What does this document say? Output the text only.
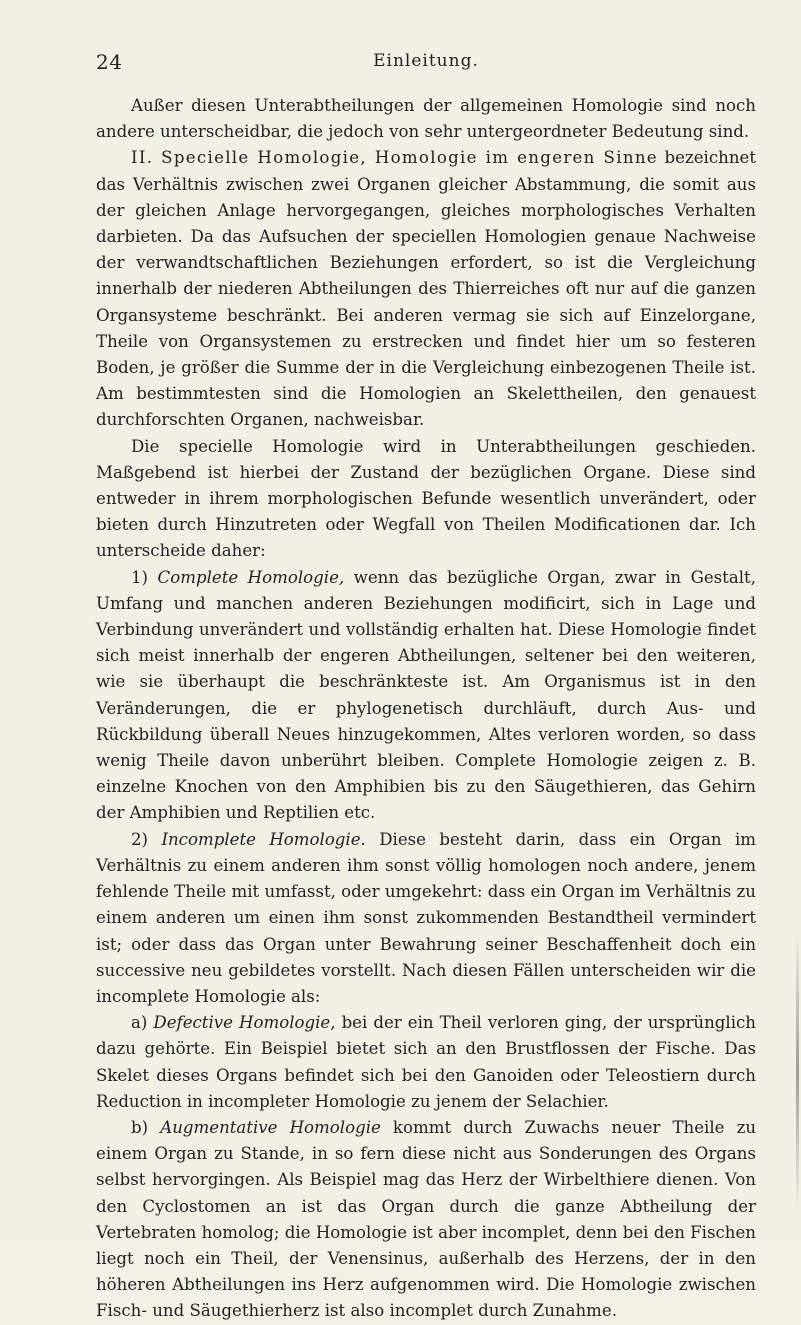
24	Einleitung.

Außer diesen Unterabtheilungen der allgemeinen Homologie sind noch andere unterscheidbar, die jedoch von sehr untergeordneter Bedeutung sind.

II. Specielle Homologie, Homologie im engeren Sinne bezeichnet das Verhältnis zwischen zwei Organen gleicher Abstammung, die somit aus der gleichen Anlage hervorgegangen, gleiches morphologisches Verhalten darbieten. Da das Aufsuchen der speciellen Homologien genaue Nachweise der verwandtschaftlichen Beziehungen erfordert, so ist die Vergleichung innerhalb der niederen Abtheilungen des Thierreiches oft nur auf die ganzen Organsysteme beschränkt. Bei anderen vermag sie sich auf Einzelorgane, Theile von Organsystemen zu erstrecken und findet hier um so festeren Boden, je größer die Summe der in die Vergleichung einbezogenen Theile ist. Am bestimmtesten sind die Homologien an Skelettheilen, den genauest durchforschten Organen, nachweisbar.

Die specielle Homologie wird in Unterabtheilungen geschieden. Maßgebend ist hierbei der Zustand der bezüglichen Organe. Diese sind entweder in ihrem morphologischen Befunde wesentlich unverändert, oder bieten durch Hinzutreten oder Wegfall von Theilen Modificationen dar. Ich unterscheide daher:

1) Complete Homologie, wenn das bezügliche Organ, zwar in Gestalt, Umfang und manchen anderen Beziehungen modificirt, sich in Lage und Verbindung unverändert und vollständig erhalten hat. Diese Homologie findet sich meist innerhalb der engeren Abtheilungen, seltener bei den weiteren, wie sie überhaupt die beschränkteste ist. Am Organismus ist in den Veränderungen, die er phylogenetisch durchläuft, durch Aus- und Rückbildung überall Neues hinzugekommen, Altes verloren worden, so dass wenig Theile davon unberührt bleiben. Complete Homologie zeigen z. B. einzelne Knochen von den Amphibien bis zu den Säugethieren, das Gehirn der Amphibien und Reptilien etc.

2) Incomplete Homologie. Diese besteht darin, dass ein Organ im Verhältnis zu einem anderen ihm sonst völlig homologen noch andere, jenem fehlende Theile mit umfasst, oder umgekehrt: dass ein Organ im Verhältnis zu einem anderen um einen ihm sonst zukommenden Bestandtheil vermindert ist; oder dass das Organ unter Bewahrung seiner Beschaffenheit doch ein successive neu gebildetes vorstellt. Nach diesen Fällen unterscheiden wir die incomplete Homologie als:

a) Defective Homologie, bei der ein Theil verloren ging, der ursprünglich dazu gehörte. Ein Beispiel bietet sich an den Brustflossen der Fische. Das Skelet dieses Organs befindet sich bei den Ganoiden oder Teleostiern durch Reduction in incompleter Homologie zu jenem der Selachier.

b) Augmentative Homologie kommt durch Zuwachs neuer Theile zu einem Organ zu Stande, in so fern diese nicht aus Sonderungen des Organs selbst hervorgingen. Als Beispiel mag das Herz der Wirbelthiere dienen. Von den Cyclostomen an ist das Organ durch die ganze Abtheilung der Vertebraten homolog; die Homologie ist aber incomplet, denn bei den Fischen liegt noch ein Theil, der Venensinus, außerhalb des Herzens, der in den höheren Abtheilungen ins Herz aufgenommen wird. Die Homologie zwischen Fisch- und Säugethierherz ist also incomplet durch Zunahme.
